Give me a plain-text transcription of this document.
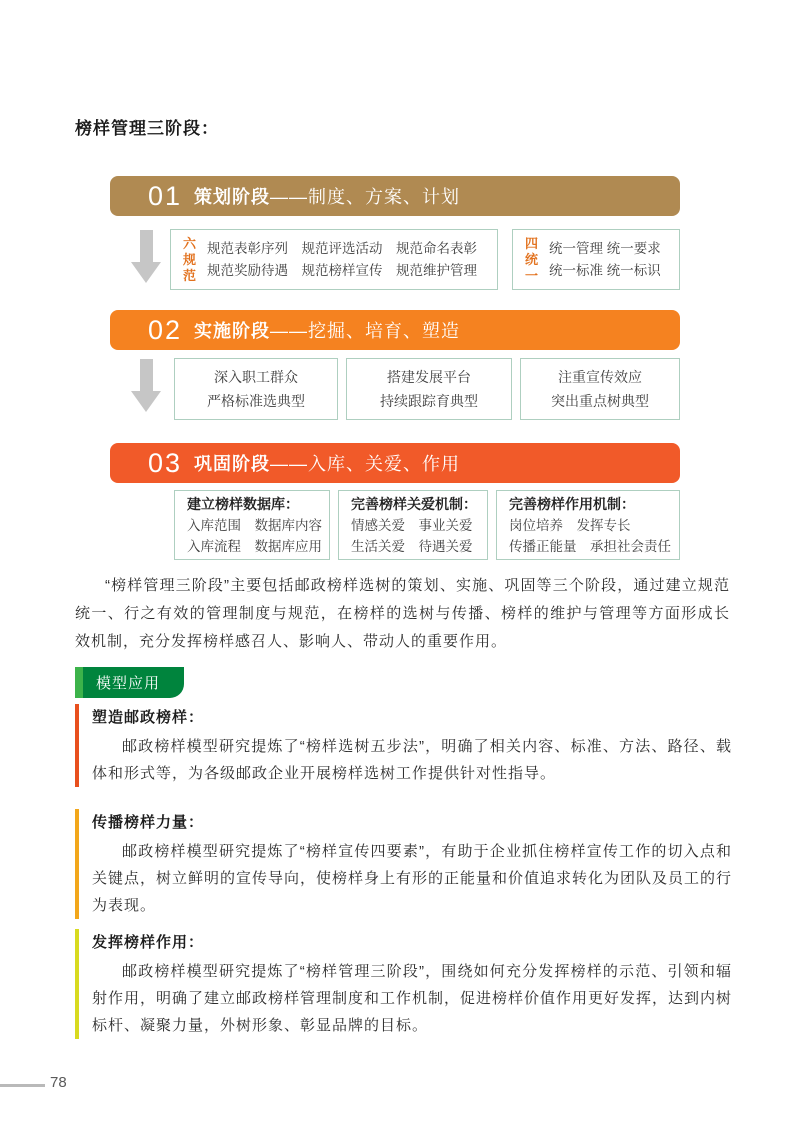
榜样管理三阶段：
01 策划阶段 ——制度、方案、计划
六规范
规范表彰序列　规范评选活动　规范命名表彰
规范奖励待遇　规范榜样宣传　规范维护管理
四统一
统一管理 统一要求
统一标准 统一标识
02 实施阶段 ——挖掘、培育、塑造
深入职工群众
严格标准选典型
搭建发展平台
持续跟踪育典型
注重宣传效应
突出重点树典型
03 巩固阶段 ——入库、关爱、作用
建立榜样数据库：
入库范围　数据库内容
入库流程　数据库应用
完善榜样关爱机制：
情感关爱　事业关爱
生活关爱　待遇关爱
完善榜样作用机制：
岗位培养　发挥专长
传播正能量　承担社会责任

“榜样管理三阶段”主要包括邮政榜样选树的策划、实施、巩固等三个阶段，通过建立规范统一、行之有效的管理制度与规范，在榜样的选树与传播、榜样的维护与管理等方面形成长效机制，充分发挥榜样感召人、影响人、带动人的重要作用。

模型应用
塑造邮政榜样：

邮政榜样模型研究提炼了“榜样选树五步法”，明确了相关内容、标准、方法、路径、载体和形式等，为各级邮政企业开展榜样选树工作提供针对性指导。

传播榜样力量：

邮政榜样模型研究提炼了“榜样宣传四要素”，有助于企业抓住榜样宣传工作的切入点和关键点，树立鲜明的宣传导向，使榜样身上有形的正能量和价值追求转化为团队及员工的行为表现。

发挥榜样作用：

邮政榜样模型研究提炼了“榜样管理三阶段”，围绕如何充分发挥榜样的示范、引领和辐射作用，明确了建立邮政榜样管理制度和工作机制，促进榜样价值作用更好发挥，达到内树标杆、凝聚力量，外树形象、彰显品牌的目标。

78
